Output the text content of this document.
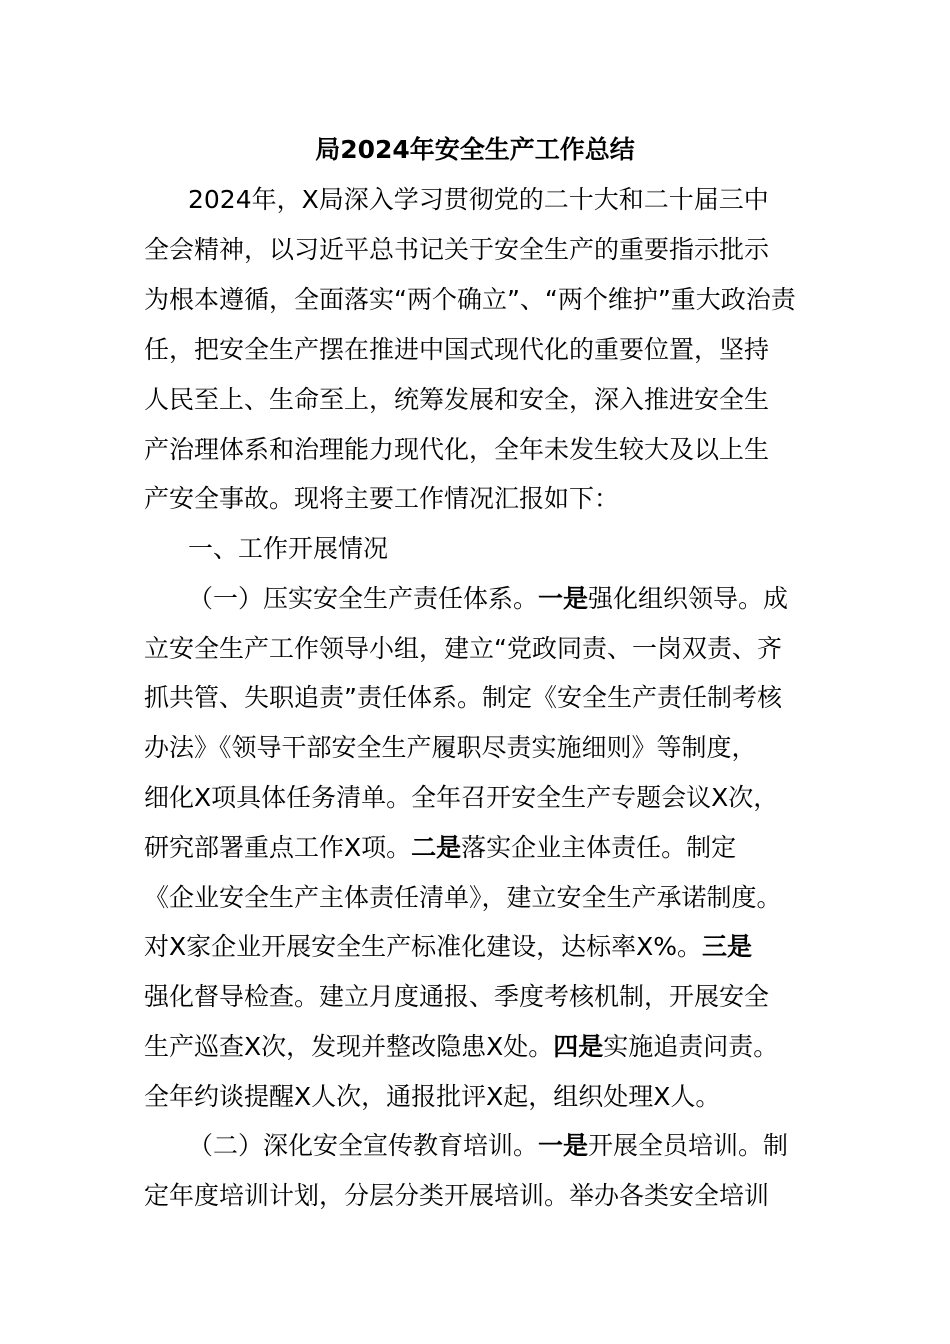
局2024年安全生产工作总结
2024年，X局深入学习贯彻党的二十大和二十届三中
全会精神，以习近平总书记关于安全生产的重要指示批示
为根本遵循，全面落实“两个确立”、“两个维护”重大政治责
任，把安全生产摆在推进中国式现代化的重要位置，坚持
人民至上、生命至上，统筹发展和安全，深入推进安全生
产治理体系和治理能力现代化，全年未发生较大及以上生
产安全事故。现将主要工作情况汇报如下：
一、工作开展情况
（一）压实安全生产责任体系。一是强化组织领导。成
立安全生产工作领导小组，建立“党政同责、一岗双责、齐
抓共管、失职追责”责任体系。制定《安全生产责任制考核
办法》《领导干部安全生产履职尽责实施细则》等制度，
细化X项具体任务清单。全年召开安全生产专题会议X次，
研究部署重点工作X项。二是落实企业主体责任。制定
《企业安全生产主体责任清单》，建立安全生产承诺制度。
对X家企业开展安全生产标准化建设，达标率X%。三是
强化督导检查。建立月度通报、季度考核机制，开展安全
生产巡查X次，发现并整改隐患X处。四是实施追责问责。
全年约谈提醒X人次，通报批评X起，组织处理X人。
（二）深化安全宣传教育培训。一是开展全员培训。制
定年度培训计划，分层分类开展培训。举办各类安全培训
